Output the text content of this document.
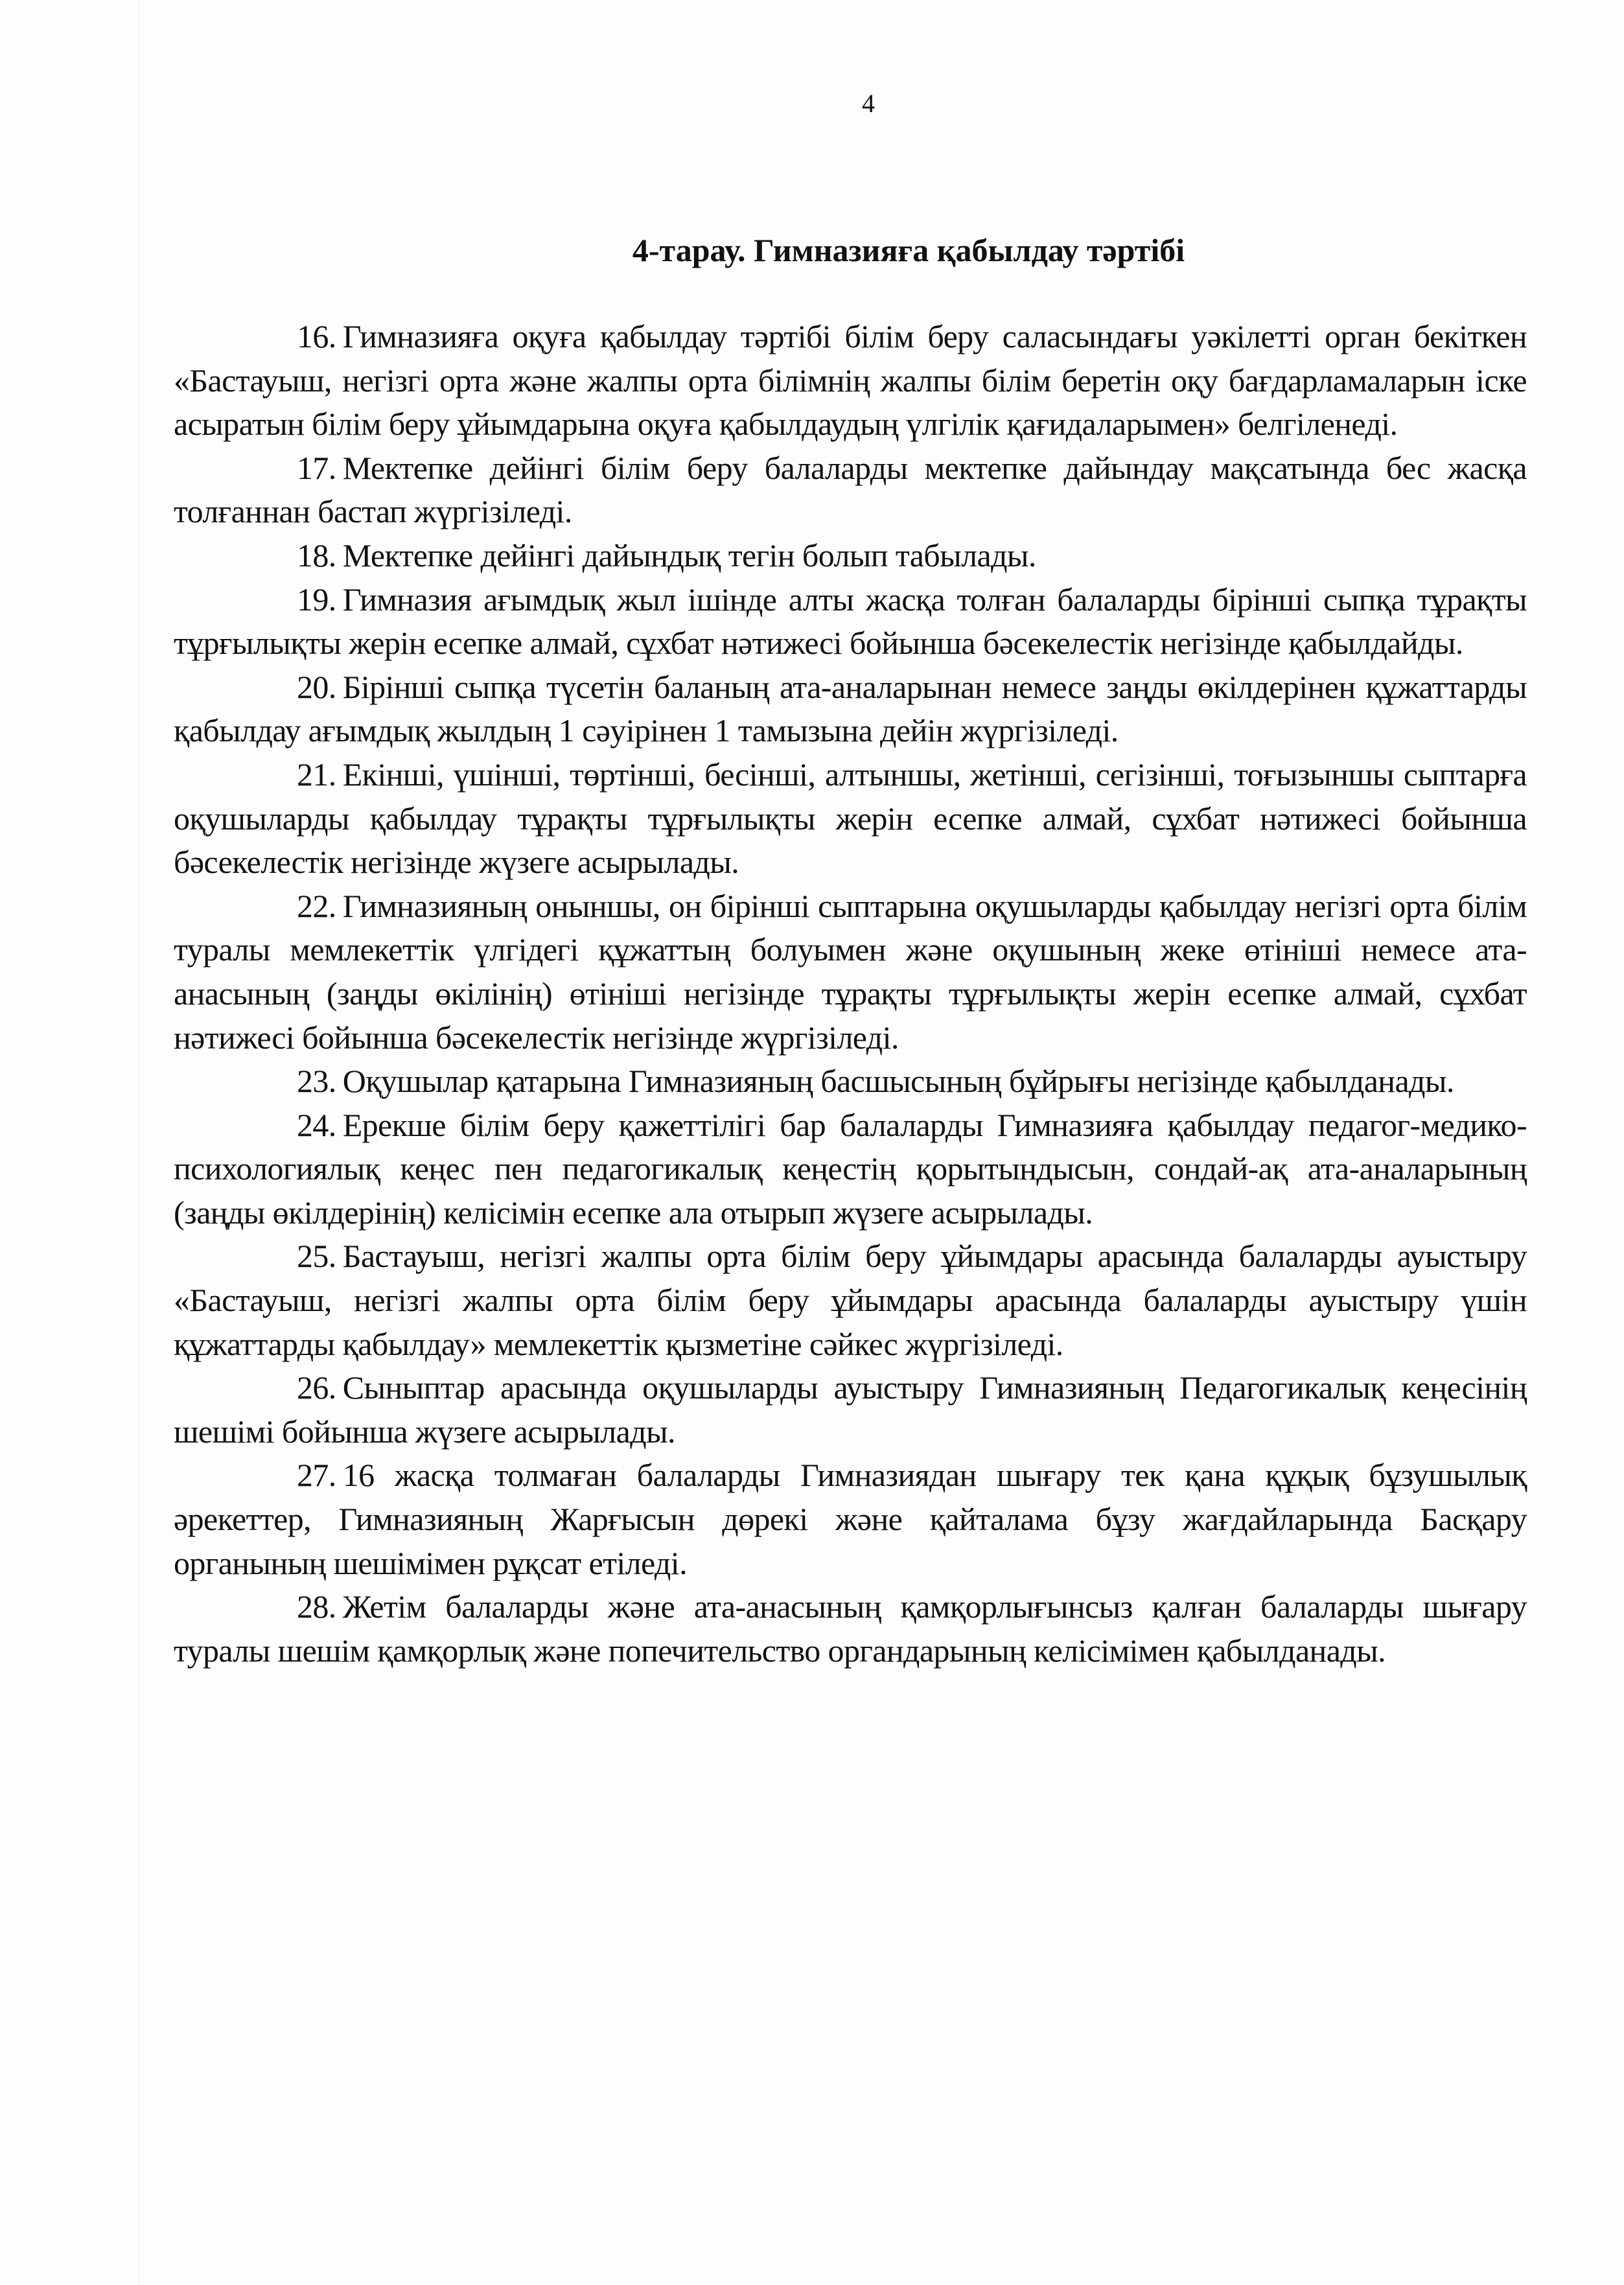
4
4-тарау. Гимназияға қабылдау тәртібі

16. Гимназияға оқуға қабылдау тәртібі білім беру саласындағы уәкілетті орган бекіткен «Бастауыш, негізгі орта және жалпы орта білімнің жалпы білім беретін оқу бағдарламаларын іске асыратын білім беру ұйымдарына оқуға қабылдаудың үлгілік қағидаларымен» белгіленеді.

17. Мектепке дейінгі білім беру балаларды мектепке дайындау мақсатында бес жасқа толғаннан бастап жүргізіледі.

18. Мектепке дейінгі дайындық тегін болып табылады.

19. Гимназия ағымдық жыл ішінде алты жасқа толған балаларды бірінші сыпқа тұрақты тұрғылықты жерін есепке алмай, сұхбат нәтижесі бойынша бәсекелестік негізінде қабылдайды.

20. Бірінші сыпқа түсетін баланың ата-аналарынан немесе заңды өкілдерінен құжаттарды қабылдау ағымдық жылдың 1 сәуірінен 1 тамызына дейін жүргізіледі.

21. Екінші, үшінші, төртінші, бесінші, алтыншы, жетінші, сегізінші, тоғызыншы сыптарға оқушыларды қабылдау тұрақты тұрғылықты жерін есепке алмай, сұхбат нәтижесі бойынша бәсекелестік негізінде жүзеге асырылады.

22. Гимназияның оныншы, он бірінші сыптарына оқушыларды қабылдау негізгі орта білім туралы мемлекеттік үлгідегі құжаттың болуымен және оқушының жеке өтініші немесе ата-анасының (заңды өкілінің) өтініші негізінде тұрақты тұрғылықты жерін есепке алмай, сұхбат нәтижесі бойынша бәсекелестік негізінде жүргізіледі.

23. Оқушылар қатарына Гимназияның басшысының бұйрығы негізінде қабылданады.

24. Ерекше білім беру қажеттілігі бар балаларды Гимназияға қабылдау педагог-медико-психологиялық кеңес пен педагогикалық кеңестің қорытындысын, сондай-ақ ата-аналарының (заңды өкілдерінің) келісімін есепке ала отырып жүзеге асырылады.

25. Бастауыш, негізгі жалпы орта білім беру ұйымдары арасында балаларды ауыстыру «Бастауыш, негізгі жалпы орта білім беру ұйымдары арасында балаларды ауыстыру үшін құжаттарды қабылдау» мемлекеттік қызметіне сәйкес жүргізіледі.

26. Сыныптар арасында оқушыларды ауыстыру Гимназияның Педагогикалық кеңесінің шешімі бойынша жүзеге асырылады.

27. 16 жасқа толмаған балаларды Гимназиядан шығару тек қана құқық бұзушылық әрекеттер, Гимназияның Жарғысын дөрекі және қайталама бұзу жағдайларында Басқару органының шешімімен рұқсат етіледі.

28. Жетім балаларды және ата-анасының қамқорлығынсыз қалған балаларды шығару туралы шешім қамқорлық және попечительство органдарының келісімімен қабылданады.
